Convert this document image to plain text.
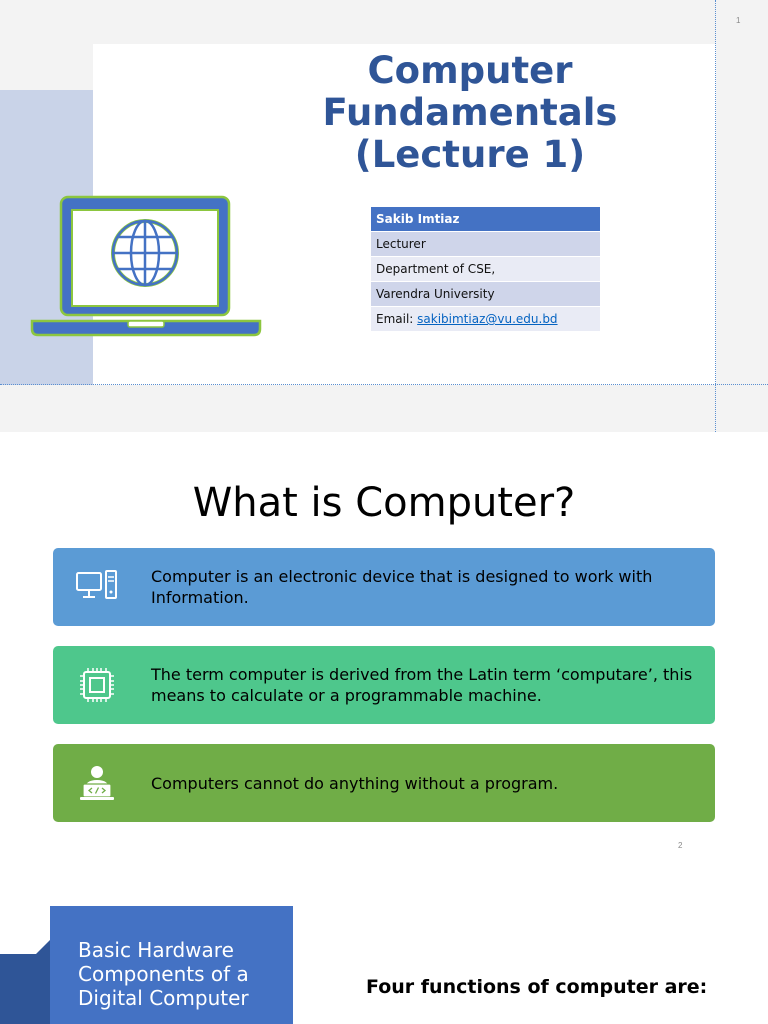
1
Computer
Fundamentals
(Lecture 1)
Sakib Imtiaz
Lecturer
Department of CSE,
Varendra University
Email: sakibimtiaz@vu.edu.bd
What is Computer?
Computer is an electronic device that is designed to work with Information.
The term computer is derived from the Latin term ‘computare’, this means to calculate or a programmable machine.
Computers cannot do anything without a program.
2
Basic Hardware
Components of a
Digital Computer	Four functions of computer are:
